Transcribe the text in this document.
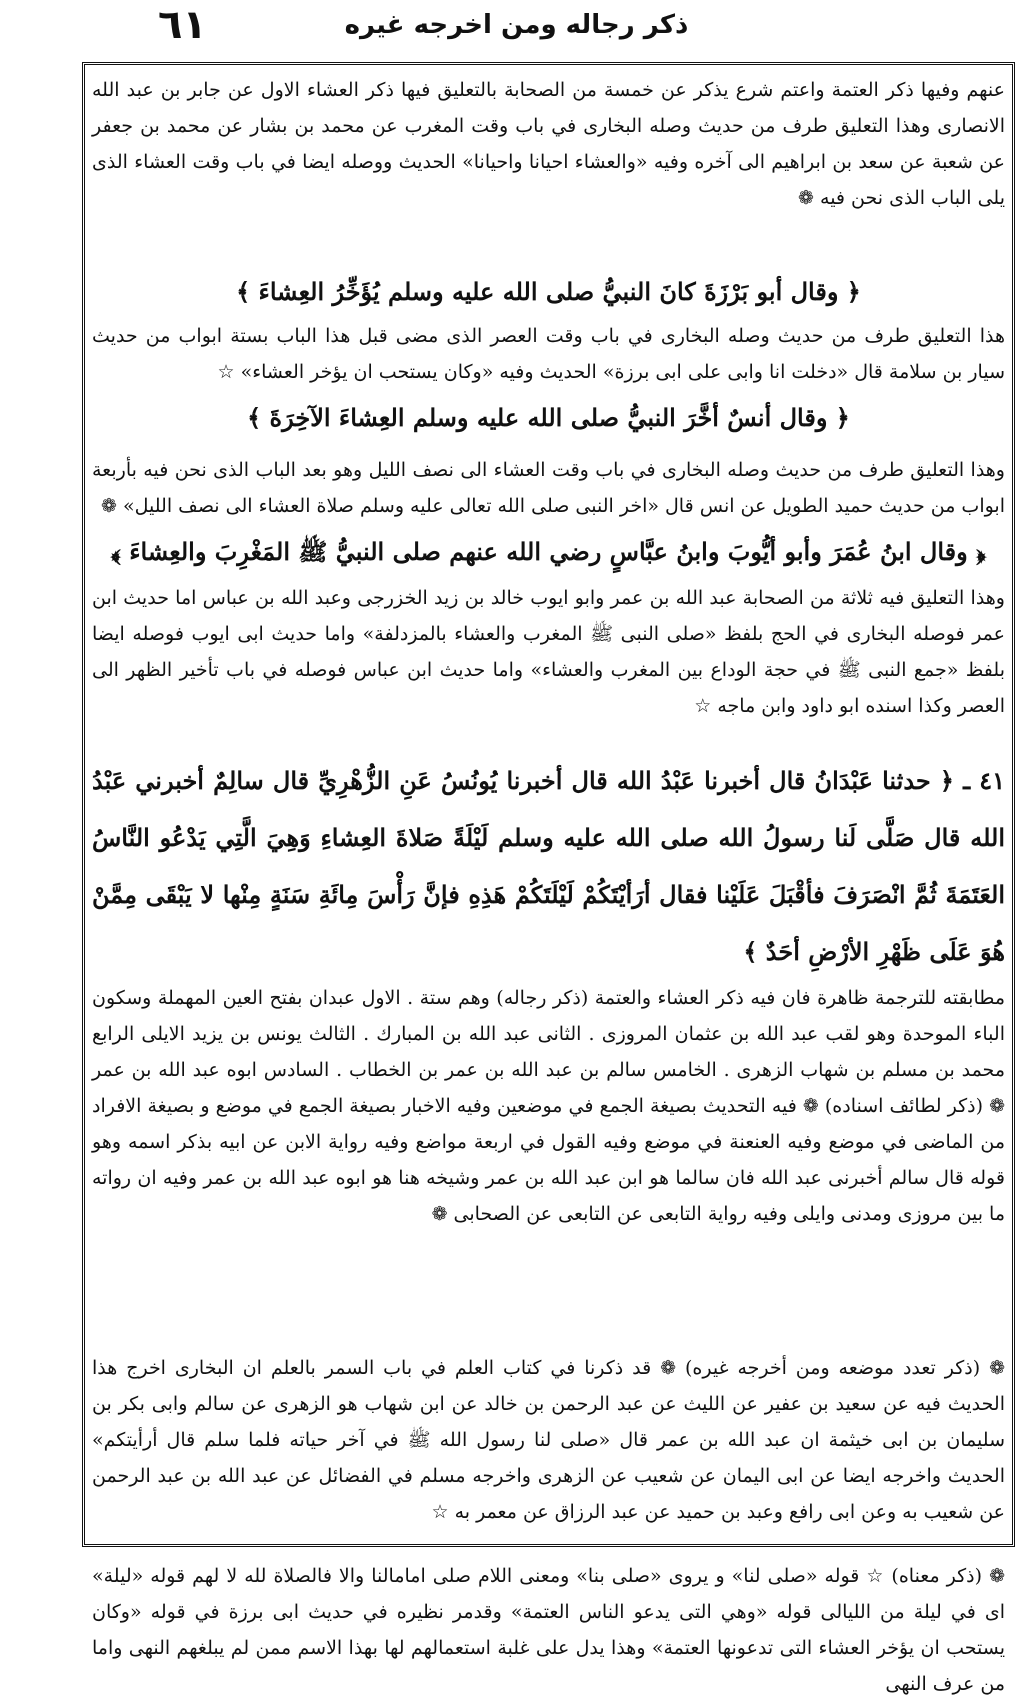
٦١	ذكر رجاله ومن اخرجه غيره

عنهم وفيها ذكر العتمة واعتم شرع يذكر عن خمسة من الصحابة بالتعليق فيها ذكر العشاء الاول عن جابر بن عبد الله الانصارى وهذا التعليق طرف من حديث وصله البخارى في باب وقت المغرب عن محمد بن بشار عن محمد بن جعفر عن شعبة عن سعد بن ابراهيم الى آخره وفيه «والعشاء احيانا واحيانا» الحديث ووصله ايضا في باب وقت العشاء الذى يلى الباب الذى نحن فيه ❁

﴿ وقال أبو بَرْزَةَ كانَ النبيُّ صلى الله عليه وسلم يُؤَخِّرُ العِشاءَ ﴾

هذا التعليق طرف من حديث وصله البخارى في باب وقت العصر الذى مضى قبل هذا الباب بستة ابواب من حديث سيار بن سلامة قال «دخلت انا وابى على ابى برزة» الحديث وفيه «وكان يستحب ان يؤخر العشاء» ☆

﴿ وقال أنسٌ أخَّرَ النبيُّ صلى الله عليه وسلم العِشاءَ الآخِرَةَ ﴾

وهذا التعليق طرف من حديث وصله البخارى في باب وقت العشاء الى نصف الليل وهو بعد الباب الذى نحن فيه بأربعة ابواب من حديث حميد الطويل عن انس قال «اخر النبى صلى الله تعالى عليه وسلم صلاة العشاء الى نصف الليل» ❁

﴿ وقال ابنُ عُمَرَ وأبو أيُّوبَ وابنُ عبَّاسٍ رضي الله عنهم صلى النبيُّ ﷺ المَغْرِبَ والعِشاءَ ﴾

وهذا التعليق فيه ثلاثة من الصحابة عبد الله بن عمر وابو ايوب خالد بن زيد الخزرجى وعبد الله بن عباس اما حديث ابن عمر فوصله البخارى في الحج بلفظ «صلى النبى ﷺ المغرب والعشاء بالمزدلفة» واما حديث ابى ايوب فوصله ايضا بلفظ «جمع النبى ﷺ في حجة الوداع بين المغرب والعشاء» واما حديث ابن عباس فوصله في باب تأخير الظهر الى العصر وكذا اسنده ابو داود وابن ماجه ☆

٤١ ـ ﴿ حدثنا عَبْدَانُ قال أخبرنا عَبْدُ الله قال أخبرنا يُونُسُ عَنِ الزُّهْرِيِّ قال سالِمٌ أخبرني عَبْدُ الله قال صَلَّى لَنا رسولُ الله صلى الله عليه وسلم لَيْلَةً صَلاةَ العِشاءِ وَهِيَ الَّتِي يَدْعُو النَّاسُ العَتَمَةَ ثُمَّ انْصَرَفَ فأقْبَلَ عَلَيْنا فقال أرَأيْتَكُمْ لَيْلَتَكُمْ هَذِهِ فإنَّ رَأْسَ مِائَةِ سَنَةٍ مِنْها لا يَبْقَى مِمَّنْ هُوَ عَلَى ظَهْرِ الأرْضِ أحَدٌ ﴾

مطابقته للترجمة ظاهرة فان فيه ذكر العشاء والعتمة (ذكر رجاله) وهم ستة . الاول عبدان بفتح العين المهملة وسكون الباء الموحدة وهو لقب عبد الله بن عثمان المروزى . الثانى عبد الله بن المبارك . الثالث يونس بن يزيد الايلى الرابع محمد بن مسلم بن شهاب الزهرى . الخامس سالم بن عبد الله بن عمر بن الخطاب . السادس ابوه عبد الله بن عمر ❁ (ذكر لطائف اسناده) ❁ فيه التحديث بصيغة الجمع في موضعين وفيه الاخبار بصيغة الجمع في موضع و بصيغة الافراد من الماضى في موضع وفيه العنعنة في موضع وفيه القول في اربعة مواضع وفيه رواية الابن عن ابيه بذكر اسمه وهو قوله قال سالم أخبرنى عبد الله فان سالما هو ابن عبد الله بن عمر وشيخه هنا هو ابوه عبد الله بن عمر وفيه ان رواته ما بين مروزى ومدنى وايلى وفيه رواية التابعى عن التابعى عن الصحابى ❁

❁ (ذكر تعدد موضعه ومن أخرجه غيره) ❁ قد ذكرنا في كتاب العلم في باب السمر بالعلم ان البخارى اخرج هذا الحديث فيه عن سعيد بن عفير عن الليث عن عبد الرحمن بن خالد عن ابن شهاب هو الزهرى عن سالم وابى بكر بن سليمان بن ابى خيثمة ان عبد الله بن عمر قال «صلى لنا رسول الله ﷺ في آخر حياته فلما سلم قال أرأيتكم» الحديث واخرجه ايضا عن ابى اليمان عن شعيب عن الزهرى واخرجه مسلم في الفضائل عن عبد الله بن عبد الرحمن عن شعيب به وعن ابى رافع وعبد بن حميد عن عبد الرزاق عن معمر به ☆

❁ (ذكر معناه) ☆ قوله «صلى لنا» و يروى «صلى بنا» ومعنى اللام صلى امامالنا والا فالصلاة لله لا لهم قوله «ليلة» اى في ليلة من الليالى قوله «وهي التى يدعو الناس العتمة» وقدمر نظيره في حديث ابى برزة في قوله «وكان يستحب ان يؤخر العشاء التى تدعونها العتمة» وهذا يدل على غلبة استعمالهم لها بهذا الاسم ممن لم يبلغهم النهى واما من عرف النهى
